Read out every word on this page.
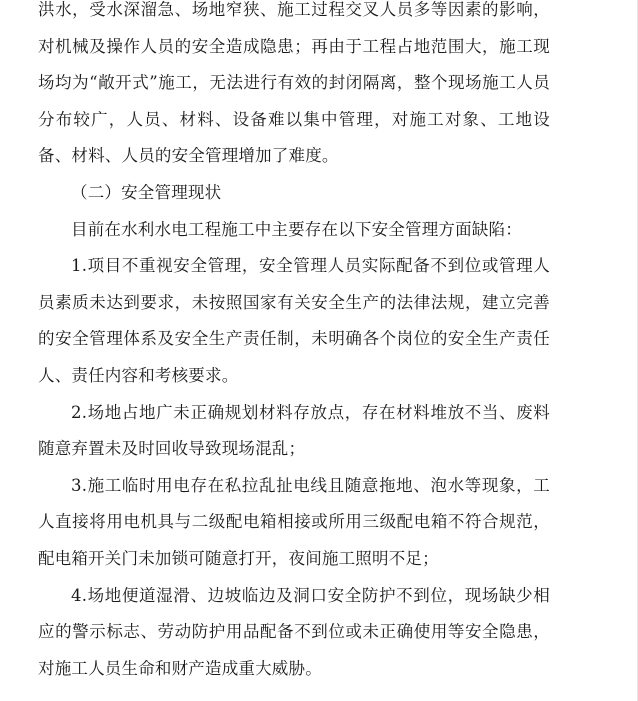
洪水，受水深溜急、场地窄狭、施工过程交叉人员多等因素的影响，对机械及操作人员的安全造成隐患；再由于工程占地范围大，施工现场均为“敞开式”施工，无法进行有效的封闭隔离，整个现场施工人员分布较广，人员、材料、设备难以集中管理，对施工对象、工地设备、材料、人员的安全管理增加了难度。

（二）安全管理现状

目前在水利水电工程施工中主要存在以下安全管理方面缺陷：

1.项目不重视安全管理，安全管理人员实际配备不到位或管理人员素质未达到要求，未按照国家有关安全生产的法律法规，建立完善的安全管理体系及安全生产责任制，未明确各个岗位的安全生产责任人、责任内容和考核要求。

2.场地占地广未正确规划材料存放点，存在材料堆放不当、废料随意弃置未及时回收导致现场混乱；

3.施工临时用电存在私拉乱扯电线且随意拖地、泡水等现象，工人直接将用电机具与二级配电箱相接或所用三级配电箱不符合规范，配电箱开关门未加锁可随意打开，夜间施工照明不足；

4.场地便道湿滑、边坡临边及洞口安全防护不到位，现场缺少相应的警示标志、劳动防护用品配备不到位或未正确使用等安全隐患，对施工人员生命和财产造成重大威胁。
